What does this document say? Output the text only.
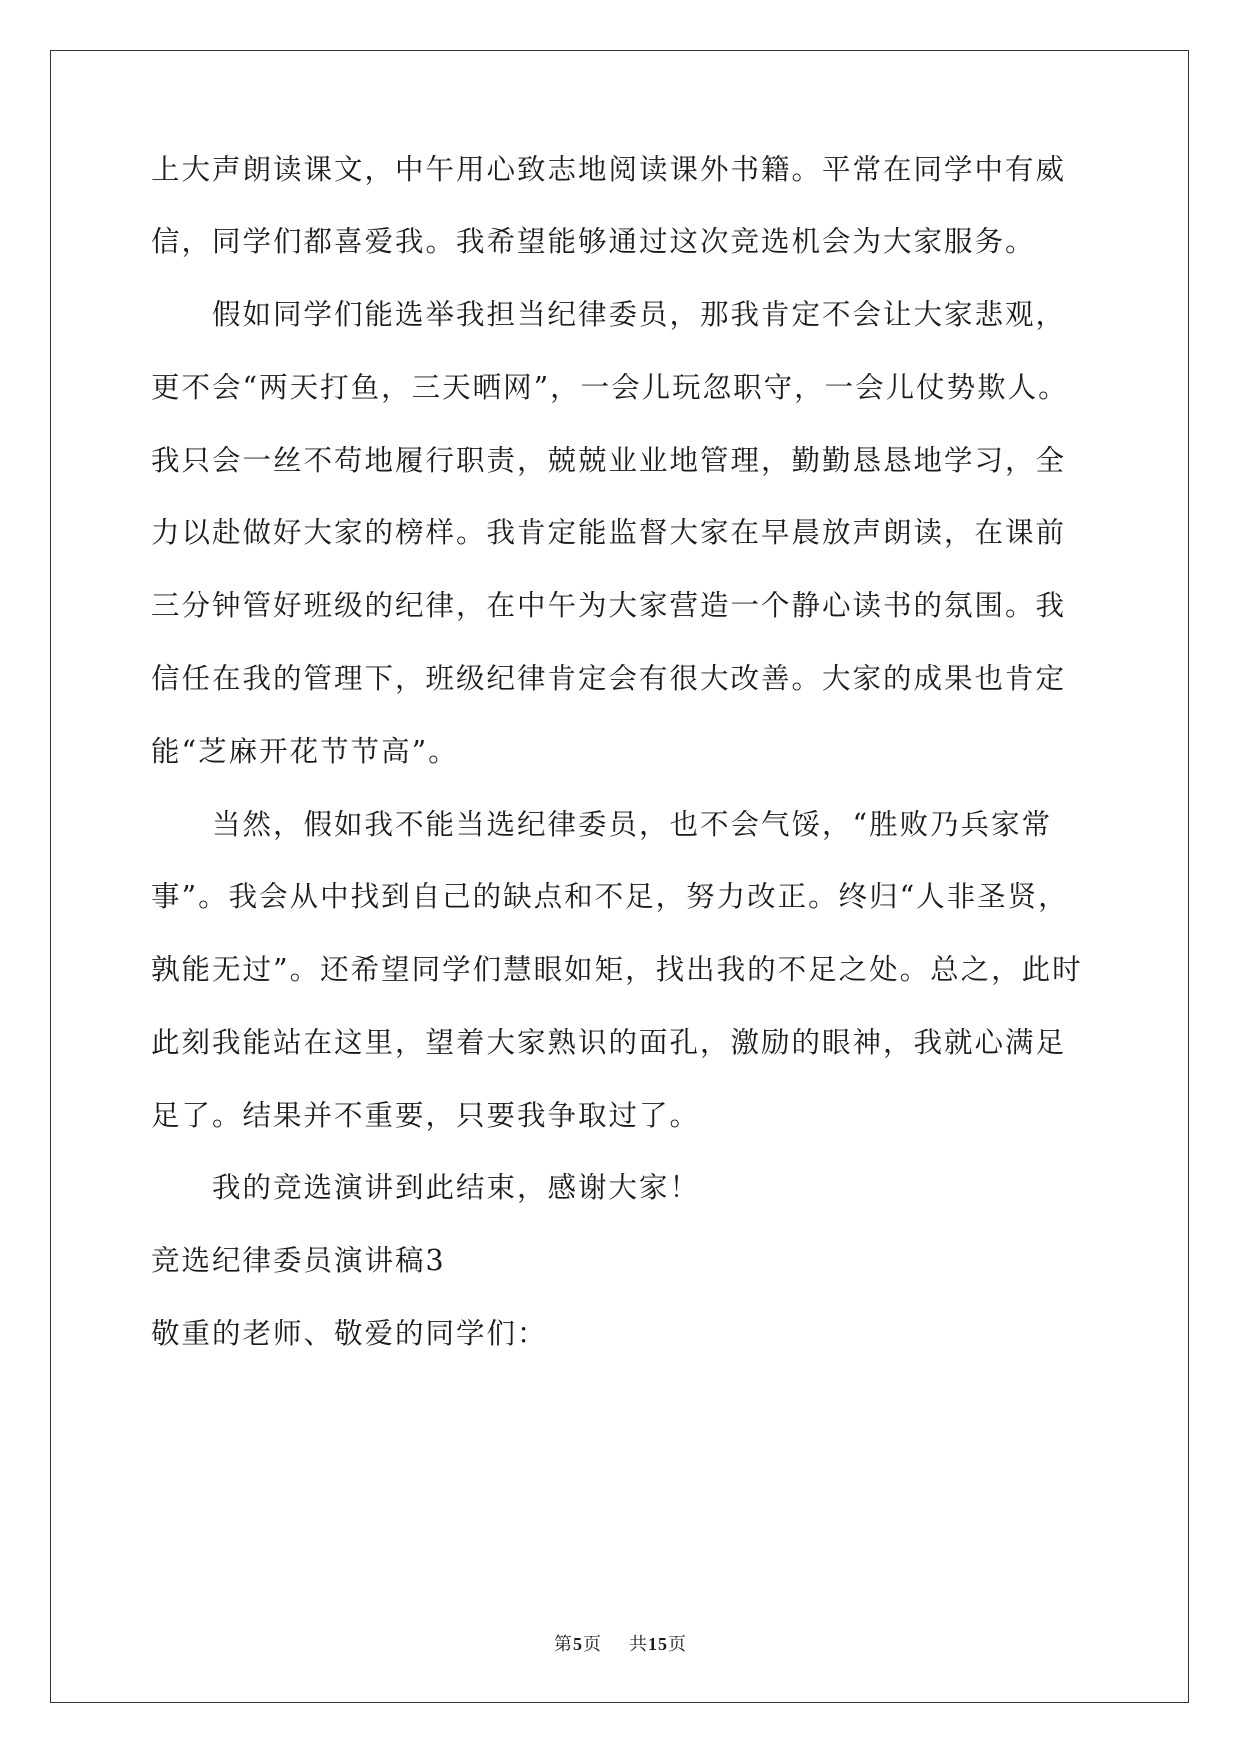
上大声朗读课文，中午用心致志地阅读课外书籍。平常在同学中有威
信，同学们都喜爱我。我希望能够通过这次竞选机会为大家服务。
假如同学们能选举我担当纪律委员，那我肯定不会让大家悲观，
更不会“两天打鱼，三天晒网”，一会儿玩忽职守，一会儿仗势欺人。
我只会一丝不苟地履行职责，兢兢业业地管理，勤勤恳恳地学习，全
力以赴做好大家的榜样。我肯定能监督大家在早晨放声朗读，在课前
三分钟管好班级的纪律，在中午为大家营造一个静心读书的氛围。我
信任在我的管理下，班级纪律肯定会有很大改善。大家的成果也肯定
能“芝麻开花节节高”。
当然，假如我不能当选纪律委员，也不会气馁，“胜败乃兵家常
事”。我会从中找到自己的缺点和不足，努力改正。终归“人非圣贤，
孰能无过”。还希望同学们慧眼如矩，找出我的不足之处。总之，此时
此刻我能站在这里，望着大家熟识的面孔，激励的眼神，我就心满足
足了。结果并不重要，只要我争取过了。
我的竞选演讲到此结束，感谢大家！
竞选纪律委员演讲稿3
敬重的老师、敬爱的同学们：
第5页 共15页
